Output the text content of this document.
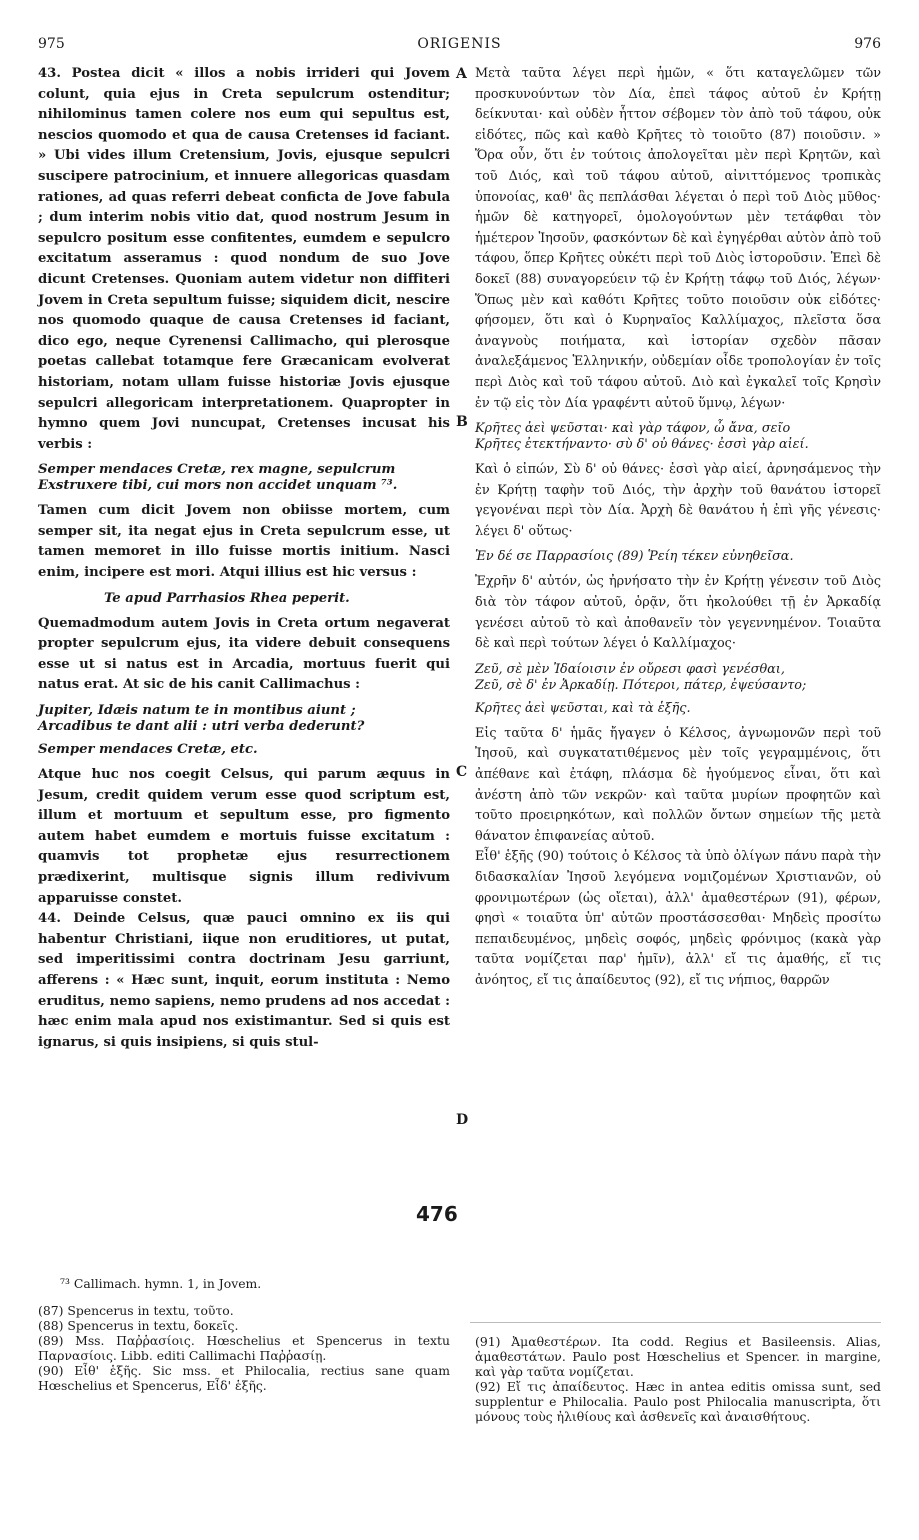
975	ORIGENIS	976

43. Postea dicit « illos a nobis irrideri qui Jovem colunt, quia ejus in Creta sepulcrum ostenditur; nihilominus tamen colere nos eum qui sepultus est, nescios quomodo et qua de causa Cretenses id faciant. » Ubi vides illum Cretensium, Jovis, ejusque sepulcri suscipere patrocinium, et innuere allegoricas quasdam rationes, ad quas referri debeat conficta de Jove fabula ; dum interim nobis vitio dat, quod nostrum Jesum in sepulcro positum esse confitentes, eumdem e sepulcro excitatum asseramus : quod nondum de suo Jove dicunt Cretenses. Quoniam autem videtur non diffiteri Jovem in Creta sepultum fuisse; siquidem dicit, nescire nos quomodo quaque de causa Cretenses id faciant, dico ego, neque Cyrenensi Callimacho, qui plerosque poetas callebat totamque fere Græcanicam evolverat historiam, notam ullam fuisse historiæ Jovis ejusque sepulcri allegoricam interpretationem. Quapropter in hymno quem Jovi nuncupat, Cretenses incusat his verbis :

Semper mendaces Cretæ, rex magne, sepulcrum
Exstruxere tibi, cui mors non accidet unquam ⁷³.

Tamen cum dicit Jovem non obiisse mortem, cum semper sit, ita negat ejus in Creta sepulcrum esse, ut tamen memoret in illo fuisse mortis initium. Nasci enim, incipere est mori. Atqui illius est hic versus :

Te apud Parrhasios Rhea peperit.

Quemadmodum autem Jovis in Creta ortum negaverat propter sepulcrum ejus, ita videre debuit consequens esse ut si natus est in Arcadia, mortuus fuerit qui natus erat. At sic de his canit Callimachus :

Jupiter, Idæis natum te in montibus aiunt ;
Arcadibus te dant alii : utri verba dederunt?
Semper mendaces Cretæ, etc.

Atque huc nos coegit Celsus, qui parum æquus in Jesum, credit quidem verum esse quod scriptum est, illum et mortuum et sepultum esse, pro figmento autem habet eumdem e mortuis fuisse excitatum : quamvis tot prophetæ ejus resurrectionem prædixerint, multisque signis illum redivivum apparuisse constet.

44. Deinde Celsus, quæ pauci omnino ex iis qui habentur Christiani, iique non eruditiores, ut putat, sed imperitissimi contra doctrinam Jesu garriunt, afferens : « Hæc sunt, inquit, eorum instituta : Nemo eruditus, nemo sapiens, nemo prudens ad nos accedat : hæc enim mala apud nos existimantur. Sed si quis est ignarus, si quis insipiens, si quis stul-

Μετὰ ταῦτα λέγει περὶ ἡμῶν, « ὅτι καταγελῶμεν τῶν προσκυνούντων τὸν Δία, ἐπεὶ τάφος αὐτοῦ ἐν Κρήτῃ δείκνυται· καὶ οὐδὲν ἧττον σέβομεν τὸν ἀπὸ τοῦ τάφου, οὐκ εἰδότες, πῶς καὶ καθὸ Κρῆτες τὸ τοιοῦτο (87) ποιοῦσιν. » Ὅρα οὖν, ὅτι ἐν τούτοις ἀπολογεῖται μὲν περὶ Κρητῶν, καὶ τοῦ Διός, καὶ τοῦ τάφου αὐτοῦ, αἰνιττόμενος τροπικὰς ὑπονοίας, καθ' ἃς πεπλάσθαι λέγεται ὁ περὶ τοῦ Διὸς μῦθος· ἡμῶν δὲ κατηγορεῖ, ὁμολογούντων μὲν τετάφθαι τὸν ἡμέτερον Ἰησοῦν, φασκόντων δὲ καὶ ἐγηγέρθαι αὐτὸν ἀπὸ τοῦ τάφου, ὅπερ Κρῆτες οὐκέτι περὶ τοῦ Διὸς ἱστοροῦσιν. Ἐπεὶ δὲ δοκεῖ (88) συναγορεύειν τῷ ἐν Κρήτῃ τάφῳ τοῦ Διός, λέγων· Ὅπως μὲν καὶ καθότι Κρῆτες τοῦτο ποιοῦσιν οὐκ εἰδότες· φήσομεν, ὅτι καὶ ὁ Κυρηναῖος Καλλίμαχος, πλεῖστα ὅσα ἀναγνοὺς ποιήματα, καὶ ἱστορίαν σχεδὸν πᾶσαν ἀναλεξάμενος Ἑλληνικήν, οὐδεμίαν οἶδε τροπολογίαν ἐν τοῖς περὶ Διὸς καὶ τοῦ τάφου αὐτοῦ. Διὸ καὶ ἐγκαλεῖ τοῖς Κρησὶν ἐν τῷ εἰς τὸν Δία γραφέντι αὐτοῦ ὕμνῳ, λέγων·

Κρῆτες ἀεὶ ψεῦσται· καὶ γὰρ τάφον, ὦ ἄνα, σεῖο
Κρῆτες ἐτεκτήναντο· σὺ δ' οὐ θάνες· ἐσσὶ γὰρ αἰεί.

Καὶ ὁ εἰπών, Σὺ δ' οὐ θάνες· ἐσσὶ γὰρ αἰεί, ἀρνησάμενος τὴν ἐν Κρήτῃ ταφὴν τοῦ Διός, τὴν ἀρχὴν τοῦ θανάτου ἱστορεῖ γεγονέναι περὶ τὸν Δία. Ἀρχὴ δὲ θανάτου ἡ ἐπὶ γῆς γένεσις· λέγει δ' οὕτως·

Ἐν δέ σε Παρρασίοις (89) Ῥείη τέκεν εὐνηθεῖσα.

Ἐχρῆν δ' αὐτόν, ὡς ἠρνήσατο τὴν ἐν Κρήτῃ γένεσιν τοῦ Διὸς διὰ τὸν τάφον αὐτοῦ, ὁρᾷν, ὅτι ἠκολούθει τῇ ἐν Ἀρκαδίᾳ γενέσει αὐτοῦ τὸ καὶ ἀποθανεῖν τὸν γεγεννημένον. Τοιαῦτα δὲ καὶ περὶ τούτων λέγει ὁ Καλλίμαχος·

Ζεῦ, σὲ μὲν Ἰδαίοισιν ἐν οὔρεσι φασὶ γενέσθαι,
Ζεῦ, σὲ δ' ἐν Ἀρκαδίῃ. Πότεροι, πάτερ, ἐψεύσαντο;
Κρῆτες ἀεὶ ψεῦσται, καὶ τὰ ἑξῆς.

Εἰς ταῦτα δ' ἡμᾶς ἤγαγεν ὁ Κέλσος, ἀγνωμονῶν περὶ τοῦ Ἰησοῦ, καὶ συγκατατιθέμενος μὲν τοῖς γεγραμμένοις, ὅτι ἀπέθανε καὶ ἐτάφη, πλάσμα δὲ ἡγούμενος εἶναι, ὅτι καὶ ἀνέστη ἀπὸ τῶν νεκρῶν· καὶ ταῦτα μυρίων προφητῶν καὶ τοῦτο προειρηκότων, καὶ πολλῶν ὄντων σημείων τῆς μετὰ θάνατον ἐπιφανείας αὐτοῦ.

Εἶθ' ἑξῆς (90) τούτοις ὁ Κέλσος τὰ ὑπὸ ὀλίγων πάνυ παρὰ τὴν διδασκαλίαν Ἰησοῦ λεγόμενα νομιζομένων Χριστιανῶν, οὐ φρονιμωτέρων (ὡς οἴεται), ἀλλ' ἀμαθεστέρων (91), φέρων, φησὶ « τοιαῦτα ὑπ' αὐτῶν προστάσσεσθαι· Μηδεὶς προσίτω πεπαιδευμένος, μηδεὶς σοφός, μηδεὶς φρόνιμος (κακὰ γὰρ ταῦτα νομίζεται παρ' ἡμῖν), ἀλλ' εἴ τις ἀμαθής, εἴ τις ἀνόητος, εἴ τις ἀπαίδευτος (92), εἴ τις νήπιος, θαρρῶν

A
B
C
D
476

⁷³ Callimach. hymn. 1, in Jovem.

(87) Spencerus in textu, τοῦτο.

(88) Spencerus in textu, δοκεῖς.

(89) Mss. Παῤῥασίοις. Hœschelius et Spencerus in textu Παρνασίοις. Libb. editi Callimachi Παῤῥασίῃ.

(90) Εἶθ' ἑξῆς. Sic mss. et Philocalia, rectius sane quam Hœschelius et Spencerus, Εἶδ' ἑξῆς.

(91) Ἀμαθεστέρων. Ita codd. Regius et Basileensis. Alias, ἀμαθεστάτων. Paulo post Hœschelius et Spencer. in margine, καὶ γὰρ ταῦτα νομίζεται.

(92) Εἴ τις ἀπαίδευτος. Hæc in antea editis omissa sunt, sed supplentur e Philocalia. Paulo post Philocalia manuscripta, ὅτι μόνους τοὺς ἠλιθίους καὶ ἀσθενεῖς καὶ ἀναισθήτους.
